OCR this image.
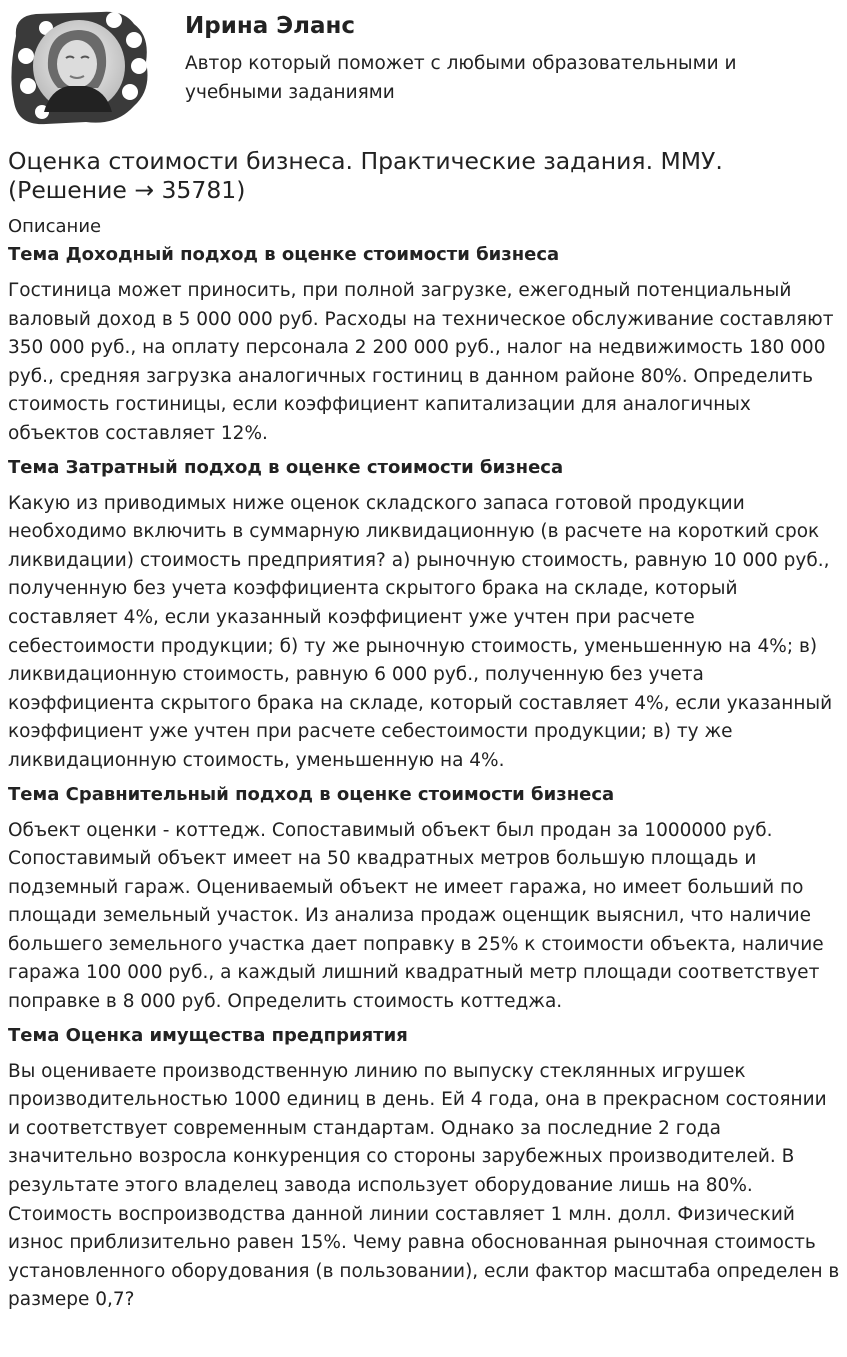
Ирина Эланс
Автор который поможет с любыми образовательными и учебными заданиями
Оценка стоимости бизнеса. Практические задания. ММУ.
(Решение → 35781)
Описание
Тема Доходный подход в оценке стоимости бизнеса
Гостиница может приносить, при полной загрузке, ежегодный потенциальный валовый доход в 5 000 000 руб. Расходы на техническое обслуживание составляют 350 000 руб., на оплату персонала 2 200 000 руб., налог на недвижимость 180 000 руб., средняя загрузка аналогичных гостиниц в данном районе 80%. Определить стоимость гостиницы, если коэффициент капитализации для аналогичных объектов составляет 12%.
Тема Затратный подход в оценке стоимости бизнеса
Какую из приводимых ниже оценок складского запаса готовой продукции необходимо включить в суммарную ликвидационную (в расчете на короткий срок ликвидации) стоимость предприятия? а) рыночную стоимость, равную 10 000 руб., полученную без учета коэффициента скрытого брака на складе, который составляет 4%, если указанный коэффициент уже учтен при расчете себестоимости продукции; б) ту же рыночную стоимость, уменьшенную на 4%; в) ликвидационную стоимость, равную 6 000 руб., полученную без учета коэффициента скрытого брака на складе, который составляет 4%, если указанный коэффициент уже учтен при расчете себестоимости продукции; в) ту же ликвидационную стоимость, уменьшенную на 4%.
Тема Сравнительный подход в оценке стоимости бизнеса
Объект оценки - коттедж. Сопоставимый объект был продан за 1000000 руб. Сопоставимый объект имеет на 50 квадратных метров большую площадь и подземный гараж. Оцениваемый объект не имеет гаража, но имеет больший по площади земельный участок. Из анализа продаж оценщик выяснил, что наличие большего земельного участка дает поправку в 25% к стоимости объекта, наличие гаража 100 000 руб., а каждый лишний квадратный метр площади соответствует поправке в 8 000 руб. Определить стоимость коттеджа.
Тема Оценка имущества предприятия
Вы оцениваете производственную линию по выпуску стеклянных игрушек производительностью 1000 единиц в день. Ей 4 года, она в прекрасном состоянии и соответствует современным стандартам. Однако за последние 2 года значительно возросла конкуренция со стороны зарубежных производителей. В результате этого владелец завода использует оборудование лишь на 80%. Стоимость воспроизводства данной линии составляет 1 млн. долл. Физический износ приблизительно равен 15%. Чему равна обоснованная рыночная стоимость установленного оборудования (в пользовании), если фактор масштаба определен в размере 0,7?
